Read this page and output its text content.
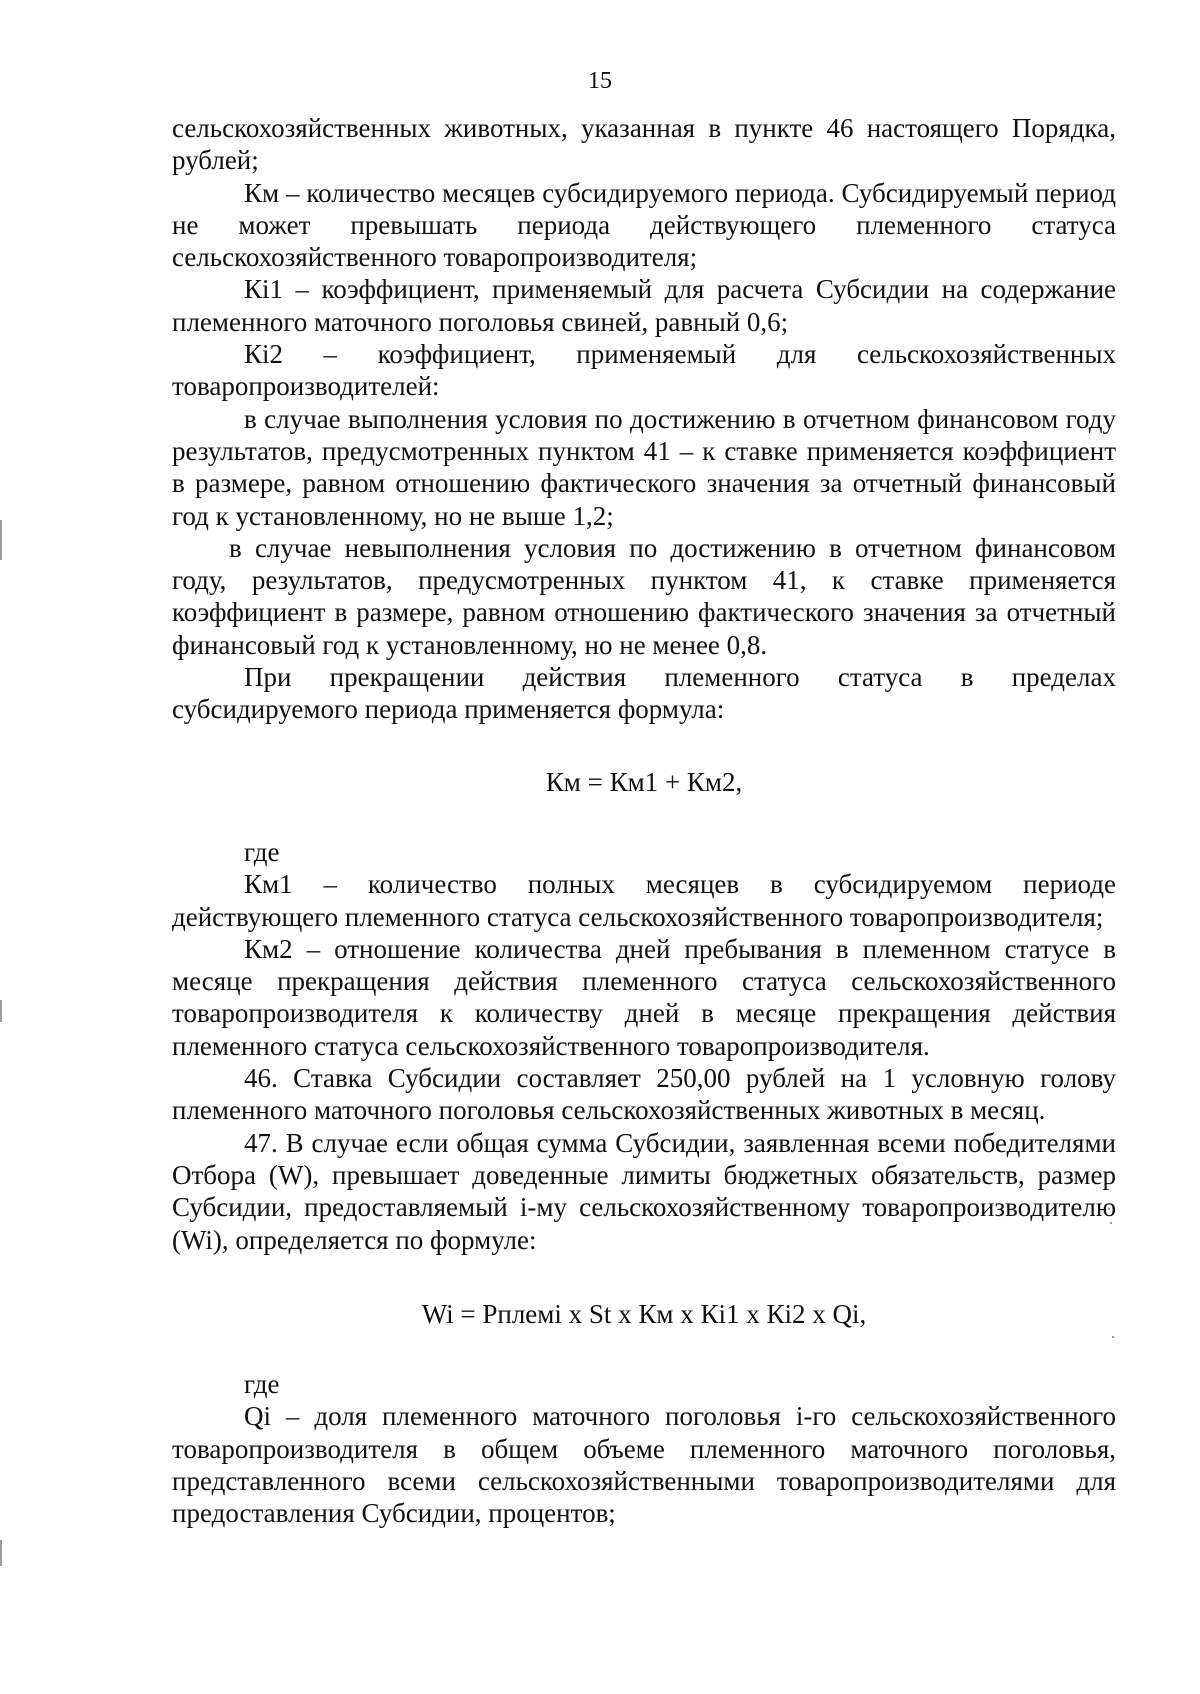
15

сельскохозяйственных животных, указанная в пункте 46 настоящего Порядка, рублей;

Км – количество месяцев субсидируемого периода. Субсидируемый период не может превышать периода действующего племенного статуса сельскохозяйственного товаропроизводителя;

Кі1 – коэффициент, применяемый для расчета Субсидии на содержание племенного маточного поголовья свиней, равный 0,6;

Кі2 – коэффициент, применяемый для сельскохозяйственных товаропроизводителей:

в случае выполнения условия по достижению в отчетном финансовом году результатов, предусмотренных пунктом 41 – к ставке применяется коэффициент в размере, равном отношению фактического значения за отчетный финансовый год к установленному, но не выше 1,2;

в случае невыполнения условия по достижению в отчетном финансовом году, результатов, предусмотренных пунктом 41, к ставке применяется коэффициент в размере, равном отношению фактического значения за отчетный финансовый год к установленному, но не менее 0,8.

При прекращении действия племенного статуса в пределах субсидируемого периода применяется формула:

Км = Км1 + Км2,

где

Км1 – количество полных месяцев в субсидируемом периоде действующего племенного статуса сельскохозяйственного товаропроизводителя;

Км2 – отношение количества дней пребывания в племенном статусе в месяце прекращения действия племенного статуса сельскохозяйственного товаропроизводителя к количеству дней в месяце прекращения действия племенного статуса сельскохозяйственного товаропроизводителя.

46. Ставка Субсидии составляет 250,00 рублей на 1 условную голову племенного маточного поголовья сельскохозяйственных животных в месяц.

47. В случае если общая сумма Субсидии, заявленная всеми победителями Отбора (W), превышает доведенные лимиты бюджетных обязательств, размер Субсидии, предоставляемый і-му сельскохозяйственному товаропроизводителю (Wi), определяется по формуле:

Wi = Рплемі x St x Км x Кі1 x Кі2 x Qi,

где

Qi – доля племенного маточного поголовья і-го сельскохозяйственного товаропроизводителя в общем объеме племенного маточного поголовья, представленного всеми сельскохозяйственными товаропроизводителями для предоставления Субсидии, процентов;
